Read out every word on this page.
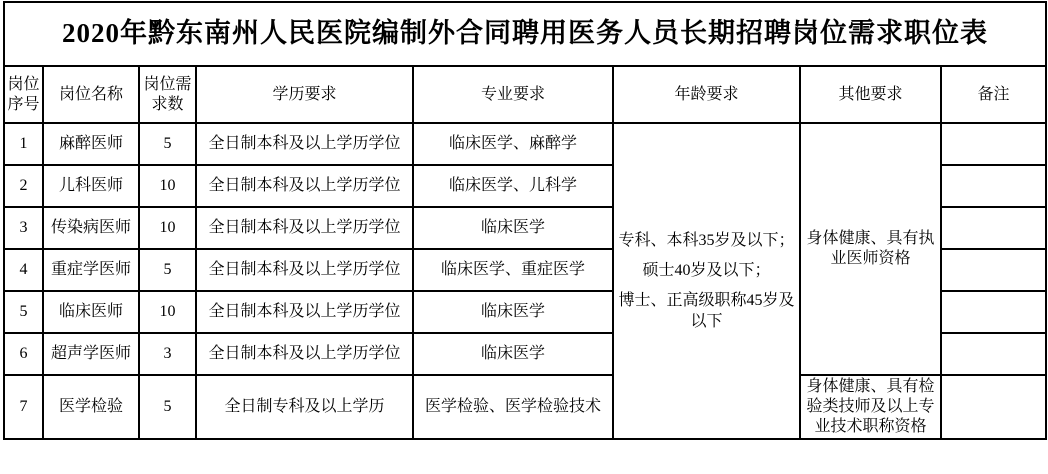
2020年黔东南州人民医院编制外合同聘用医务人员长期招聘岗位需求职位表							
岗位序号	岗位名称	岗位需求数	学历要求	专业要求	年龄要求	其他要求	备注
1	麻醉医师	5	全日制本科及以上学历学位	临床医学、麻醉学	专科、本科35岁及以下；

硕士40岁及以下；

博士、正高级职称45岁及以下	身体健康、具有执业医师资格	
2	儿科医师	10	全日制本科及以上学历学位	临床医学、儿科学			
3	传染病医师	10	全日制本科及以上学历学位	临床医学			
4	重症学医师	5	全日制本科及以上学历学位	临床医学、重症医学			
5	临床医师	10	全日制本科及以上学历学位	临床医学			
6	超声学医师	3	全日制本科及以上学历学位	临床医学			
7	医学检验	5	全日制专科及以上学历	医学检验、医学检验技术		身体健康、具有检验类技师及以上专业技术职称资格	
